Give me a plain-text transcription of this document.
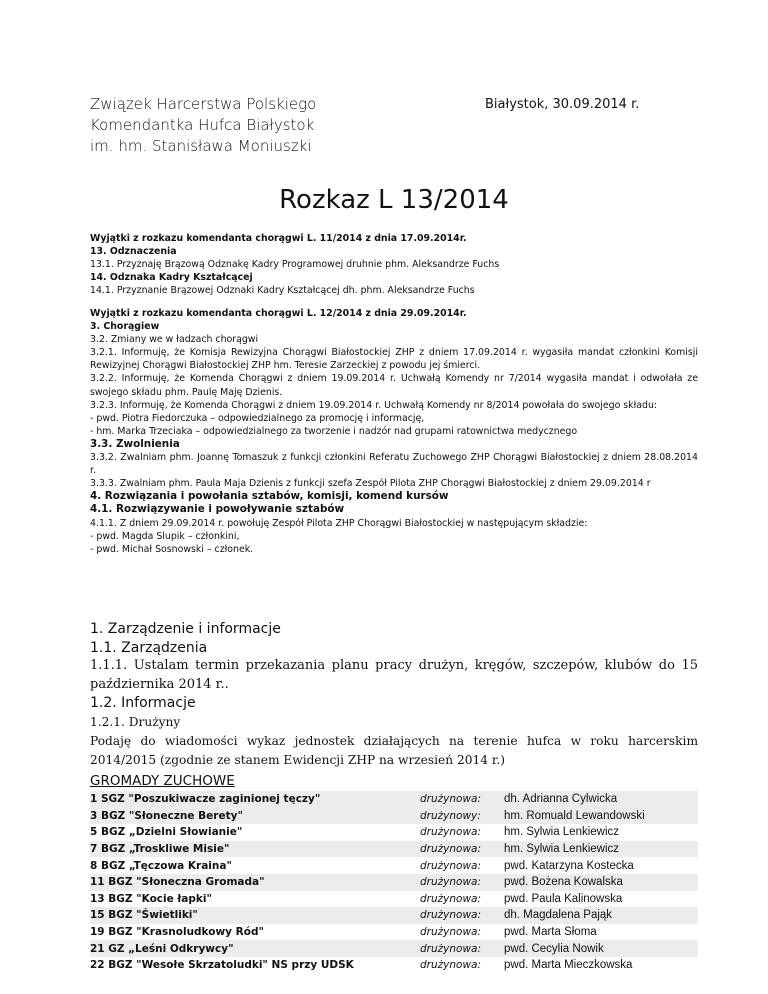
Związek Harcerstwa Polskiego
Komendantka Hufca Białystok
im. hm. Stanisława Moniuszki
Białystok, 30.09.2014 r.
Rozkaz L 13/2014
Wyjątki z rozkazu komendanta chorągwi L. 11/2014 z dnia 17.09.2014r.
13. Odznaczenia
13.1. Przyznaję Brązową Odznakę Kadry Programowej druhnie phm. Aleksandrze Fuchs
14. Odznaka Kadry Kształcącej
14.1. Przyznanie Brązowej Odznaki Kadry Kształcącej dh. phm. Aleksandrze Fuchs
Wyjątki z rozkazu komendanta chorągwi L. 12/2014 z dnia 29.09.2014r.
3. Chorągiew
3.2. Zmiany we w ładzach chorągwi
3.2.1. Informuję, że Komisja Rewizyjna Chorągwi Białostockiej ZHP z dniem 17.09.2014 r. wygasiła mandat członkini Komisji Rewizyjnej Chorągwi Białostockiej ZHP hm. Teresie Zarzeckiej z powodu jej śmierci.
3.2.2. Informuję, że Komenda Chorągwi z dniem 19.09.2014 r. Uchwałą Komendy nr 7/2014 wygasiła mandat i odwołała ze swojego składu phm. Paulę Maję Dzienis.
3.2.3. Informuję, że Komenda Chorągwi z dniem 19.09.2014 r. Uchwałą Komendy nr 8/2014 powołała do swojego składu:
- pwd. Piotra Fiedorczuka – odpowiedzialnego za promocję i informację,
- hm. Marka Trzeciaka – odpowiedzialnego za tworzenie i nadzór nad grupami ratownictwa medycznego
3.3. Zwolnienia
3.3.2. Zwalniam phm. Joannę Tomaszuk z funkcji członkini Referatu Zuchowego ZHP Chorągwi Białostockiej z dniem 28.08.2014 r.
3.3.3. Zwalniam phm. Paula Maja Dzienis z funkcji szefa Zespół Pilota ZHP Chorągwi Białostockiej z dniem 29.09.2014 r
4. Rozwiązania i powołania sztabów, komisji, komend kursów
4.1. Rozwiązywanie i powoływanie sztabów
4.1.1. Z dniem 29.09.2014 r. powołuję Zespół Pilota ZHP Chorągwi Białostockiej w następującym składzie:
- pwd. Magda Slupik – członkini,
- pwd. Michał Sosnowski – członek.
1. Zarządzenie i informacje
1.1. Zarządzenia
1.1.1. Ustalam termin przekazania planu pracy drużyn, kręgów, szczepów, klubów do 15 października 2014 r..
1.2. Informacje
1.2.1. Drużyny
Podaję do wiadomości wykaz jednostek działających na terenie hufca w roku harcerskim 2014/2015 (zgodnie ze stanem Ewidencji ZHP na wrzesień 2014 r.)
GROMADY ZUCHOWE
1 SGZ "Poszukiwacze zaginionej tęczy"	drużynowa:	dh. Adrianna Cylwicka
3 BGZ "Słoneczne Berety"	drużynowy:	hm. Romuald Lewandowski
5 BGZ „Dzielni Słowianie"	drużynowa:	hm. Sylwia Lenkiewicz
7 BGZ „Troskliwe Misie"	drużynowa:	hm. Sylwia Lenkiewicz
8 BGZ „Tęczowa Kraina"	drużynowa:	pwd. Katarzyna Kostecka
11 BGZ "Słoneczna Gromada"	drużynowa:	pwd. Bożena Kowalska
13 BGZ "Kocie łapki"	drużynowa:	pwd. Paula Kalinowska
15 BGZ "Świetliki"	drużynowa:	dh. Magdalena Pająk
19 BGZ "Krasnoludkowy Ród"	drużynowa:	pwd. Marta Słoma
21 GZ „Leśni Odkrywcy"	drużynowa:	pwd. Cecylia Nowik
22 BGZ "Wesołe Skrzatoludki" NS przy UDSK	drużynowa:	pwd. Marta Mieczkowska
